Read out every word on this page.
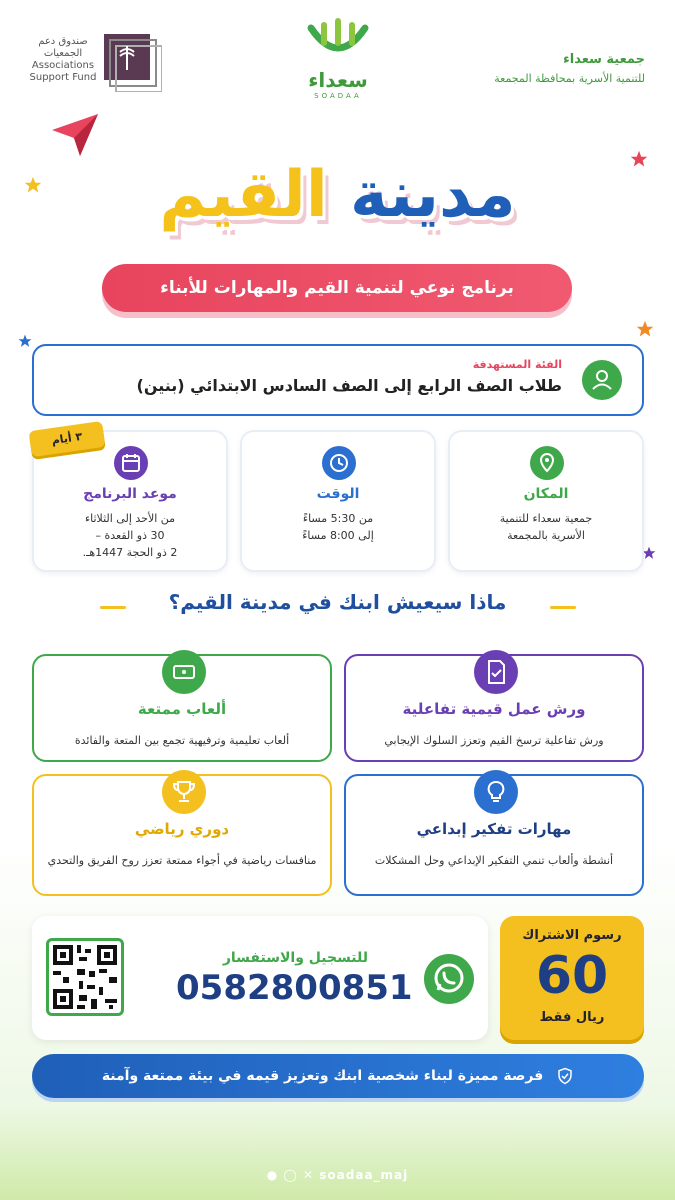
جمعية سعداء
للتنمية الأسرية بمحافظة المجمعة
سعداء
SOADAA
صندوق دعم
الجمعيات
Associations
Support Fund
مدينة القيم
برنامج نوعي لتنمية القيم والمهارات للأبناء
الفئة المستهدفة
طلاب الصف الرابع إلى الصف السادس الابتدائي (بنين)
المكان
جمعية سعداء للتنمية
الأسرية بالمجمعة
الوقت
من 5:30 مساءً
إلى 8:00 مساءً
موعد البرنامج
من الأحد إلى الثلاثاء
30 ذو القعدة –
2 ذو الحجة 1447هـ.
٣ أيام
ماذا سيعيش ابنك في مدينة القيم؟
ورش عمل قيمية تفاعلية
ورش تفاعلية ترسخ القيم وتعزز السلوك الإيجابي
ألعاب ممتعة
ألعاب تعليمية وترفيهية تجمع بين المتعة والفائدة
مهارات تفكير إبداعي
أنشطة وألعاب تنمي التفكير الإبداعي وحل المشكلات
دوري رياضي
منافسات رياضية في أجواء ممتعة تعزز روح الفريق والتحدي
للتسجيل والاستفسار
0582800851
رسوم الاشتراك
60
ريال فقط
فرصة مميزة لبناء شخصية ابنك وتعزيز قيمه في بيئة ممتعة وآمنة
● ◯ ✕ soadaa_maj
